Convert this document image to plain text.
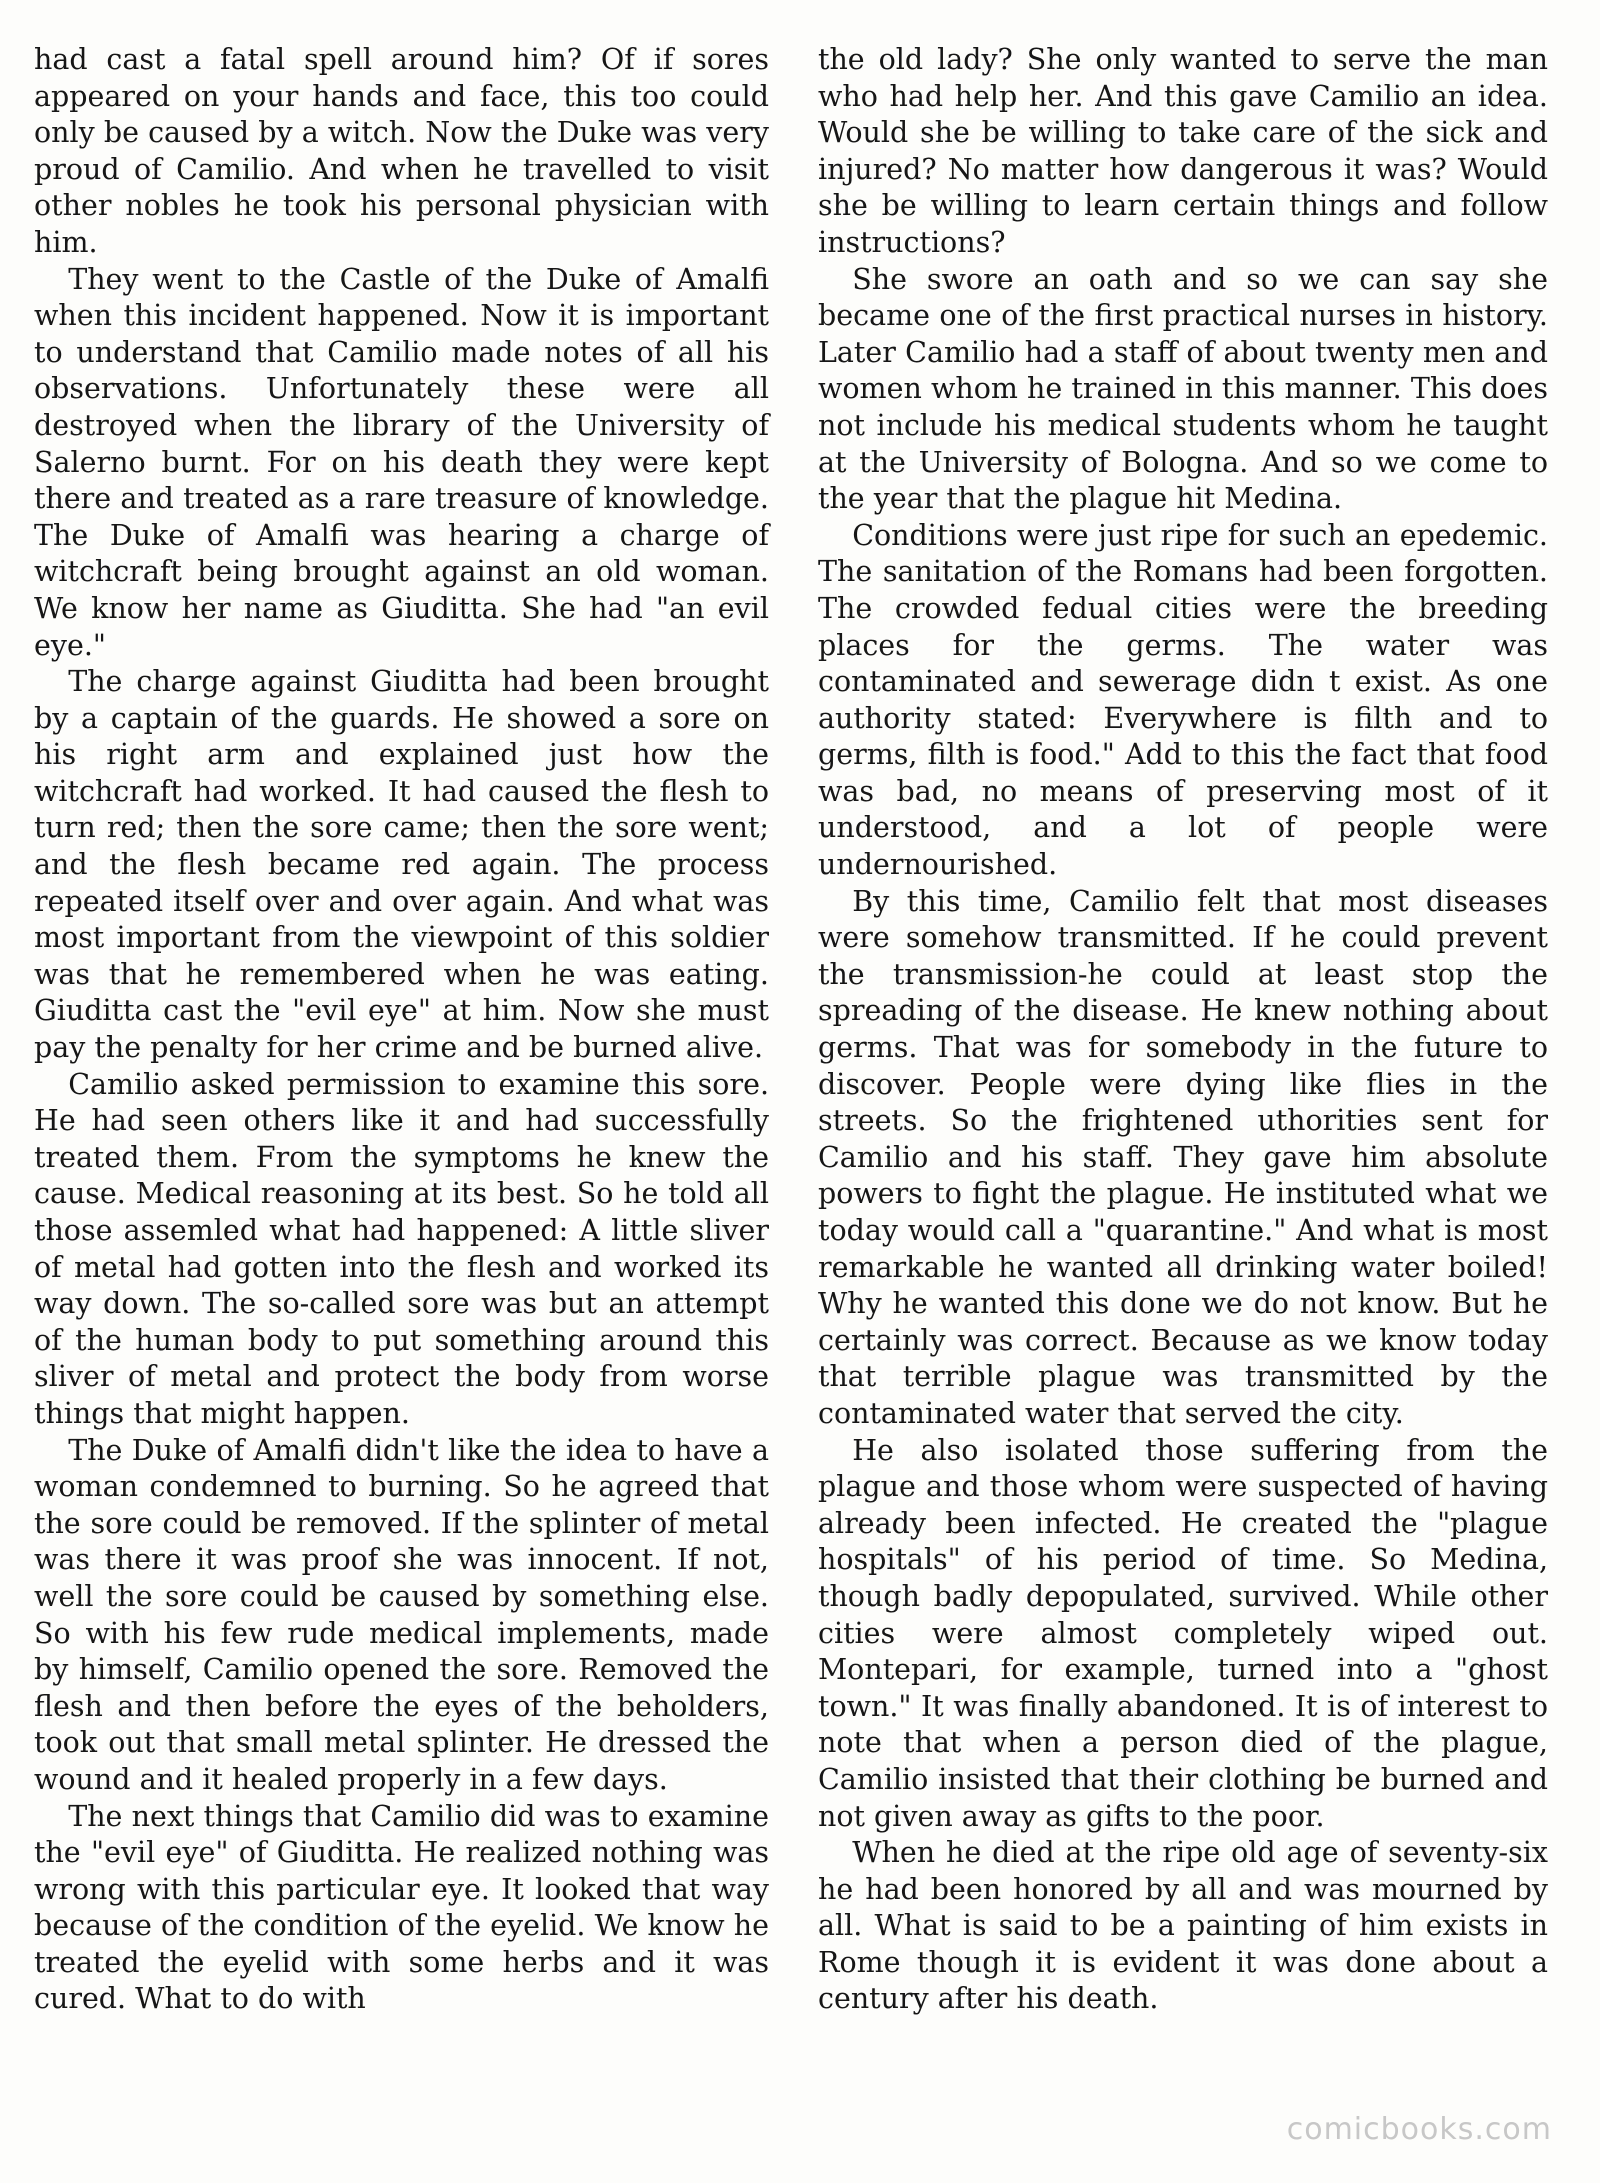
had cast a fatal spell around him? Of if sores appeared on your hands and face, this too could only be caused by a witch. Now the Duke was very proud of Camilio. And when he travelled to visit other nobles he took his personal physician with him.

They went to the Castle of the Duke of Amalfi when this incident happened. Now it is important to understand that Camilio made notes of all his observations. Unfortunately these were all destroyed when the library of the University of Salerno burnt. For on his death they were kept there and treated as a rare treasure of knowledge. The Duke of Amalfi was hearing a charge of witchcraft being brought against an old woman. We know her name as Giuditta. She had "an evil eye."

The charge against Giuditta had been brought by a captain of the guards. He showed a sore on his right arm and explained just how the witchcraft had worked. It had caused the flesh to turn red; then the sore came; then the sore went; and the flesh became red again. The process repeated itself over and over again. And what was most important from the viewpoint of this soldier was that he remembered when he was eating. Giuditta cast the "evil eye" at him. Now she must pay the penalty for her crime and be burned alive.

Camilio asked permission to examine this sore. He had seen others like it and had successfully treated them. From the symptoms he knew the cause. Medical reasoning at its best. So he told all those assemled what had happened: A little sliver of metal had gotten into the flesh and worked its way down. The so-called sore was but an attempt of the human body to put something around this sliver of metal and protect the body from worse things that might happen.

The Duke of Amalfi didn't like the idea to have a woman condemned to burning. So he agreed that the sore could be removed. If the splinter of metal was there it was proof she was innocent. If not, well the sore could be caused by something else. So with his few rude medical implements, made by himself, Camilio opened the sore. Removed the flesh and then before the eyes of the beholders, took out that small metal splinter. He dressed the wound and it healed properly in a few days.

The next things that Camilio did was to examine the "evil eye" of Giuditta. He realized nothing was wrong with this particular eye. It looked that way because of the condition of the eyelid. We know he treated the eyelid with some herbs and it was cured. What to do with

the old lady? She only wanted to serve the man who had help her. And this gave Camilio an idea. Would she be willing to take care of the sick and injured? No matter how dangerous it was? Would she be willing to learn certain things and follow instructions?

She swore an oath and so we can say she became one of the first practical nurses in history. Later Camilio had a staff of about twenty men and women whom he trained in this manner. This does not include his medical students whom he taught at the University of Bologna. And so we come to the year that the plague hit Medina.

Conditions were just ripe for such an epedemic. The sanitation of the Romans had been forgotten. The crowded fedual cities were the breeding places for the germs. The water was contaminated and sewerage didn t exist. As one authority stated: Everywhere is filth and to germs, filth is food." Add to this the fact that food was bad, no means of preserving most of it understood, and a lot of people were undernourished.

By this time, Camilio felt that most diseases were somehow transmitted. If he could prevent the transmission-he could at least stop the spreading of the disease. He knew nothing about germs. That was for somebody in the future to discover. People were dying like flies in the streets. So the frightened uthorities sent for Camilio and his staff. They gave him absolute powers to fight the plague. He instituted what we today would call a "quarantine." And what is most remarkable he wanted all drinking water boiled! Why he wanted this done we do not know. But he certainly was correct. Because as we know today that terrible plague was transmitted by the contaminated water that served the city.

He also isolated those suffering from the plague and those whom were suspected of having already been infected. He created the "plague hospitals" of his period of time. So Medina, though badly depopulated, survived. While other cities were almost completely wiped out. Montepari, for example, turned into a "ghost town." It was finally abandoned. It is of interest to note that when a person died of the plague, Camilio insisted that their clothing be burned and not given away as gifts to the poor.

When he died at the ripe old age of seventy-six he had been honored by all and was mourned by all. What is said to be a painting of him exists in Rome though it is evident it was done about a century after his death.

comicbooks.com
